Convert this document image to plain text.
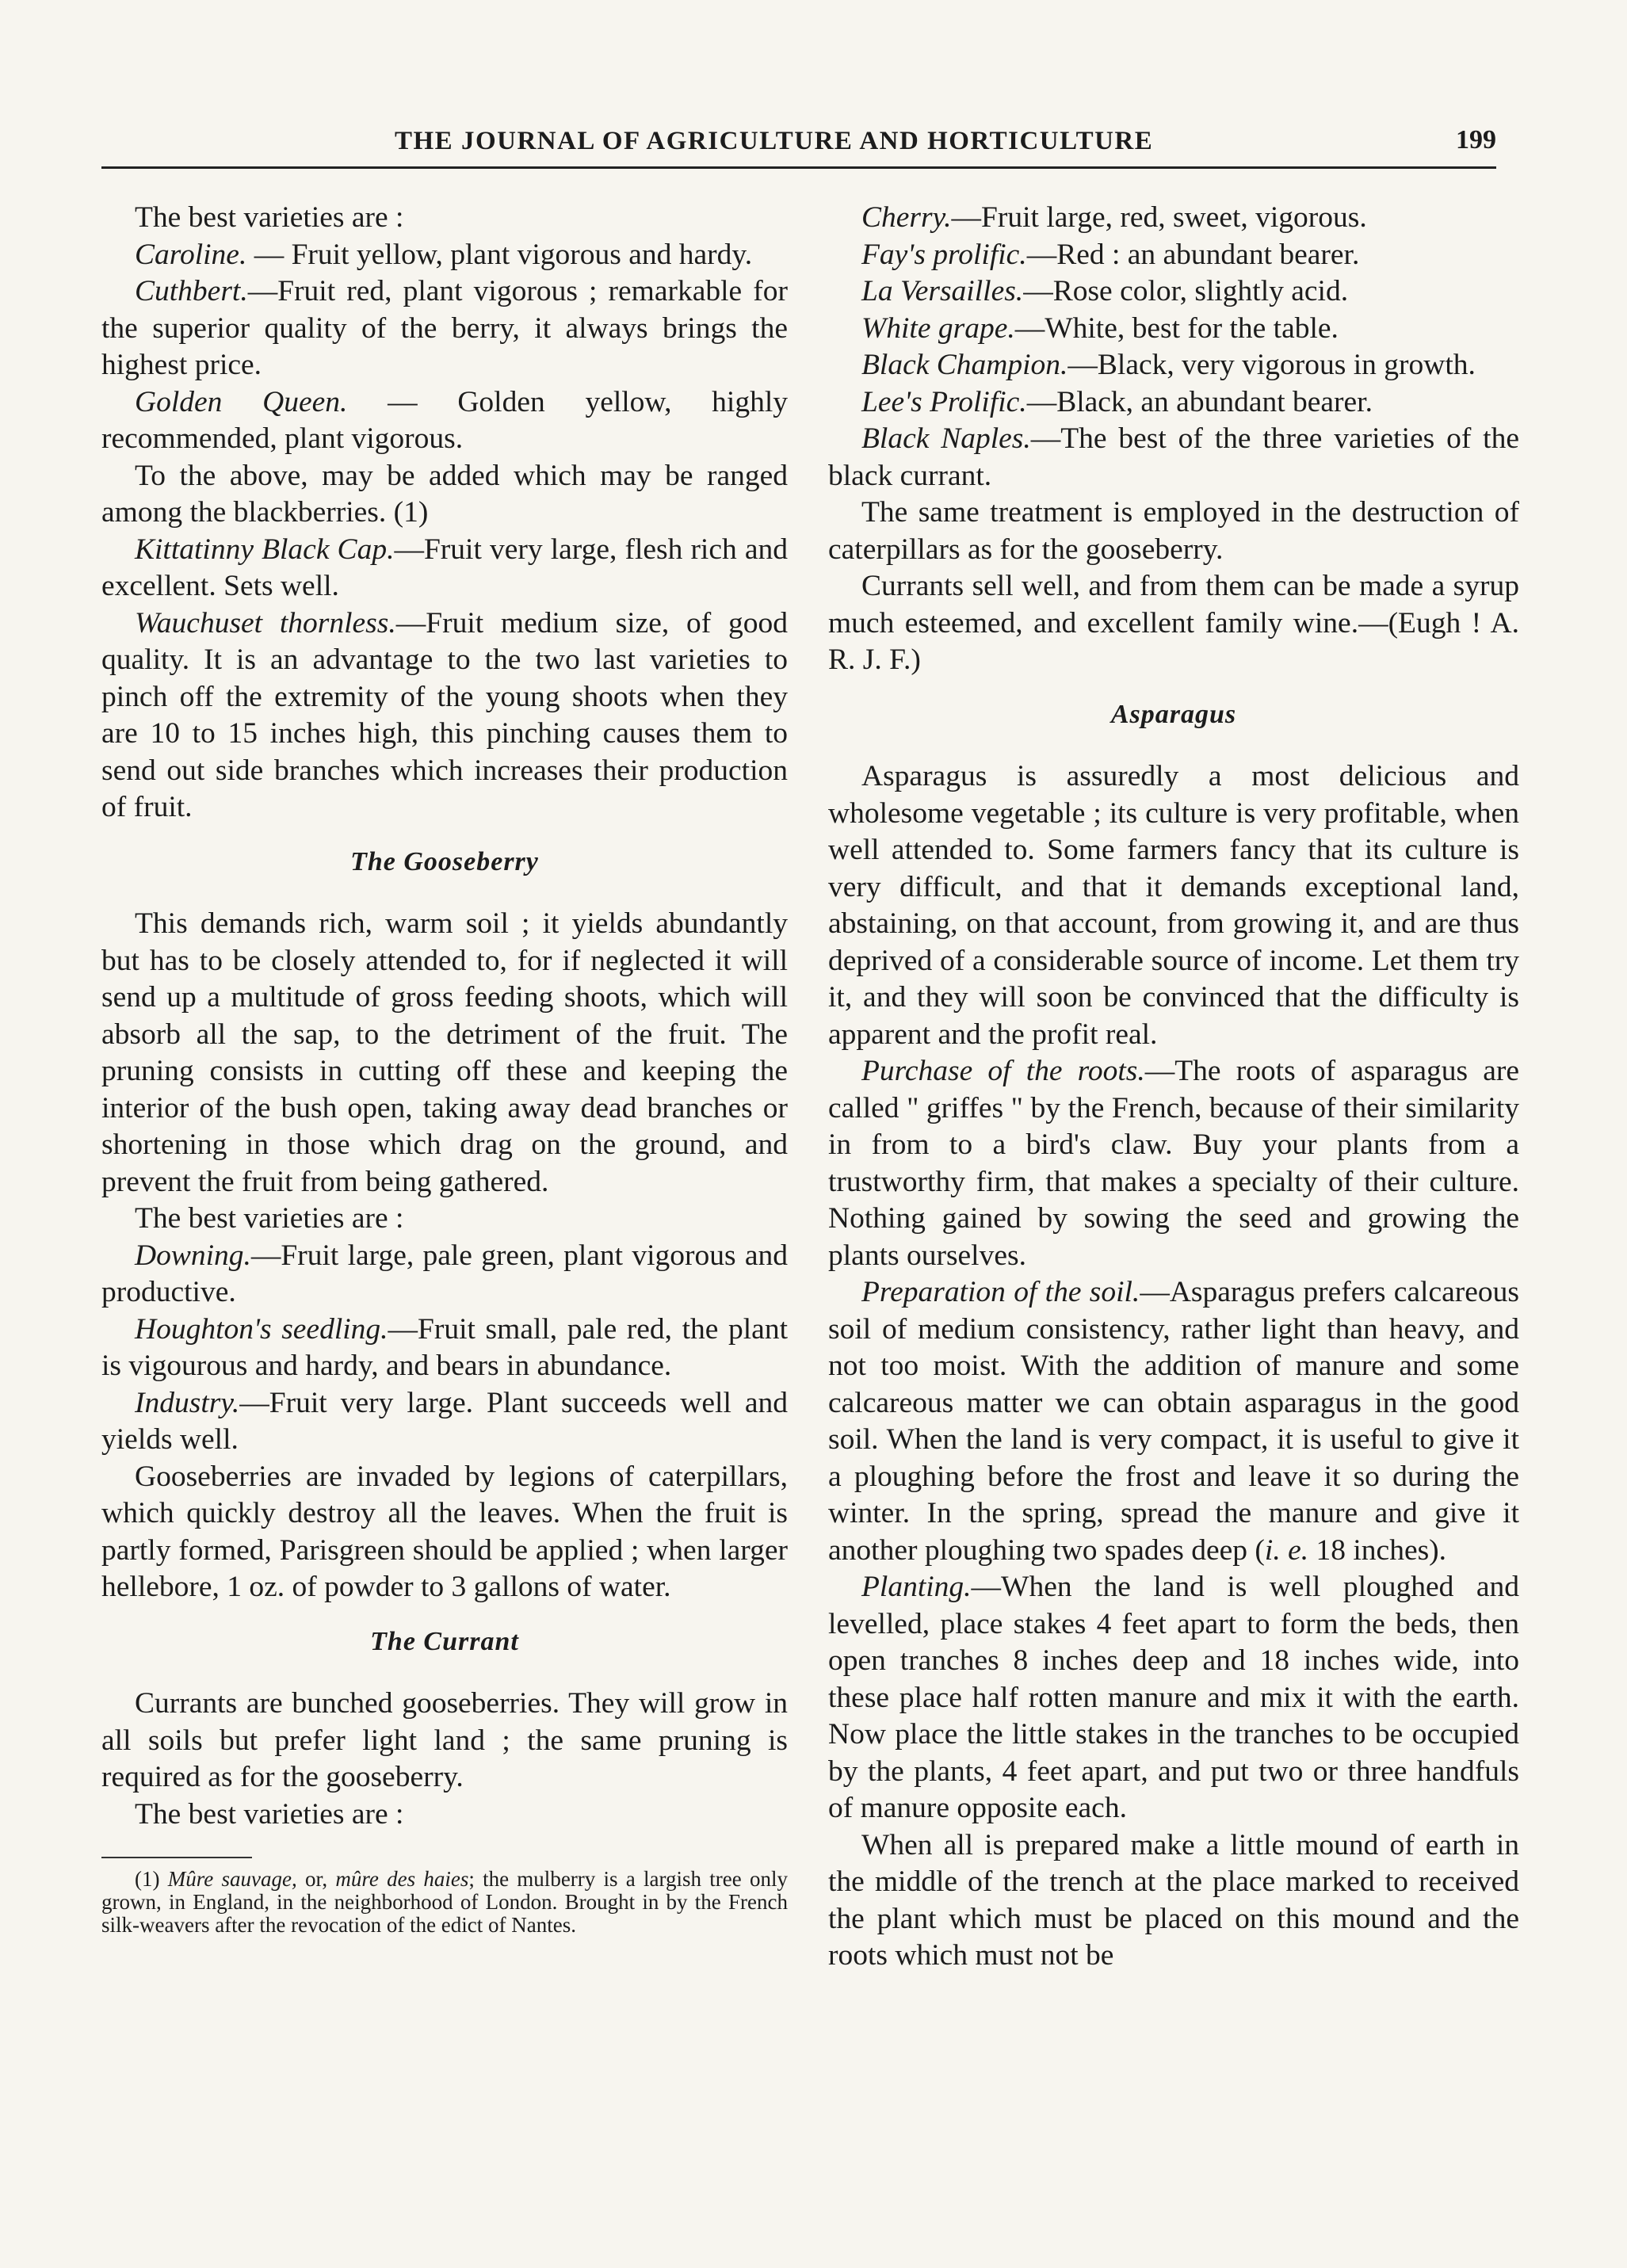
THE JOURNAL OF AGRICULTURE AND HORTICULTURE	199

The best varieties are :

Caroline. — Fruit yellow, plant vigorous and hardy.

Cuthbert.—Fruit red, plant vigorous ; remarkable for the superior quality of the berry, it always brings the highest price.

Golden Queen. — Golden yellow, highly recommended, plant vigorous.

To the above, may be added which may be ranged among the blackberries. (1)

Kittatinny Black Cap.—Fruit very large, flesh rich and excellent. Sets well.

Wauchuset thornless.—Fruit medium size, of good quality. It is an advantage to the two last varieties to pinch off the extremity of the young shoots when they are 10 to 15 inches high, this pinching causes them to send out side branches which increases their production of fruit.

The Gooseberry

This demands rich, warm soil ; it yields abundantly but has to be closely attended to, for if neglected it will send up a multitude of gross feeding shoots, which will absorb all the sap, to the detriment of the fruit. The pruning consists in cutting off these and keeping the interior of the bush open, taking away dead branches or shortening in those which drag on the ground, and prevent the fruit from being gathered.

The best varieties are :

Downing.—Fruit large, pale green, plant vigorous and productive.

Houghton's seedling.—Fruit small, pale red, the plant is vigourous and hardy, and bears in abundance.

Industry.—Fruit very large. Plant succeeds well and yields well.

Gooseberries are invaded by legions of caterpillars, which quickly destroy all the leaves. When the fruit is partly formed, Parisgreen should be applied ; when larger hellebore, 1 oz. of powder to 3 gallons of water.

The Currant

Currants are bunched gooseberries. They will grow in all soils but prefer light land ; the same pruning is required as for the gooseberry.

The best varieties are :

(1) Mûre sauvage, or, mûre des haies; the mulberry is a largish tree only grown, in England, in the neighborhood of London. Brought in by the French silk-weavers after the revocation of the edict of Nantes.

Cherry.—Fruit large, red, sweet, vigorous.

Fay's prolific.—Red : an abundant bearer.

La Versailles.—Rose color, slightly acid.

White grape.—White, best for the table.

Black Champion.—Black, very vigorous in growth.

Lee's Prolific.—Black, an abundant bearer.

Black Naples.—The best of the three varieties of the black currant.

The same treatment is employed in the destruction of caterpillars as for the gooseberry.

Currants sell well, and from them can be made a syrup much esteemed, and excellent family wine.—(Eugh ! A. R. J. F.)

Asparagus

Asparagus is assuredly a most delicious and wholesome vegetable ; its culture is very profitable, when well attended to. Some farmers fancy that its culture is very difficult, and that it demands exceptional land, abstaining, on that account, from growing it, and are thus deprived of a considerable source of income. Let them try it, and they will soon be convinced that the difficulty is apparent and the profit real.

Purchase of the roots.—The roots of asparagus are called " griffes " by the French, because of their similarity in from to a bird's claw. Buy your plants from a trustworthy firm, that makes a specialty of their culture. Nothing gained by sowing the seed and growing the plants ourselves.

Preparation of the soil.—Asparagus prefers calcareous soil of medium consistency, rather light than heavy, and not too moist. With the addition of manure and some calcareous matter we can obtain asparagus in the good soil. When the land is very compact, it is useful to give it a ploughing before the frost and leave it so during the winter. In the spring, spread the manure and give it another ploughing two spades deep (i. e. 18 inches).

Planting.—When the land is well ploughed and levelled, place stakes 4 feet apart to form the beds, then open tranches 8 inches deep and 18 inches wide, into these place half rotten manure and mix it with the earth. Now place the little stakes in the tranches to be occupied by the plants, 4 feet apart, and put two or three handfuls of manure opposite each.

When all is prepared make a little mound of earth in the middle of the trench at the place marked to received the plant which must be placed on this mound and the roots which must not be
